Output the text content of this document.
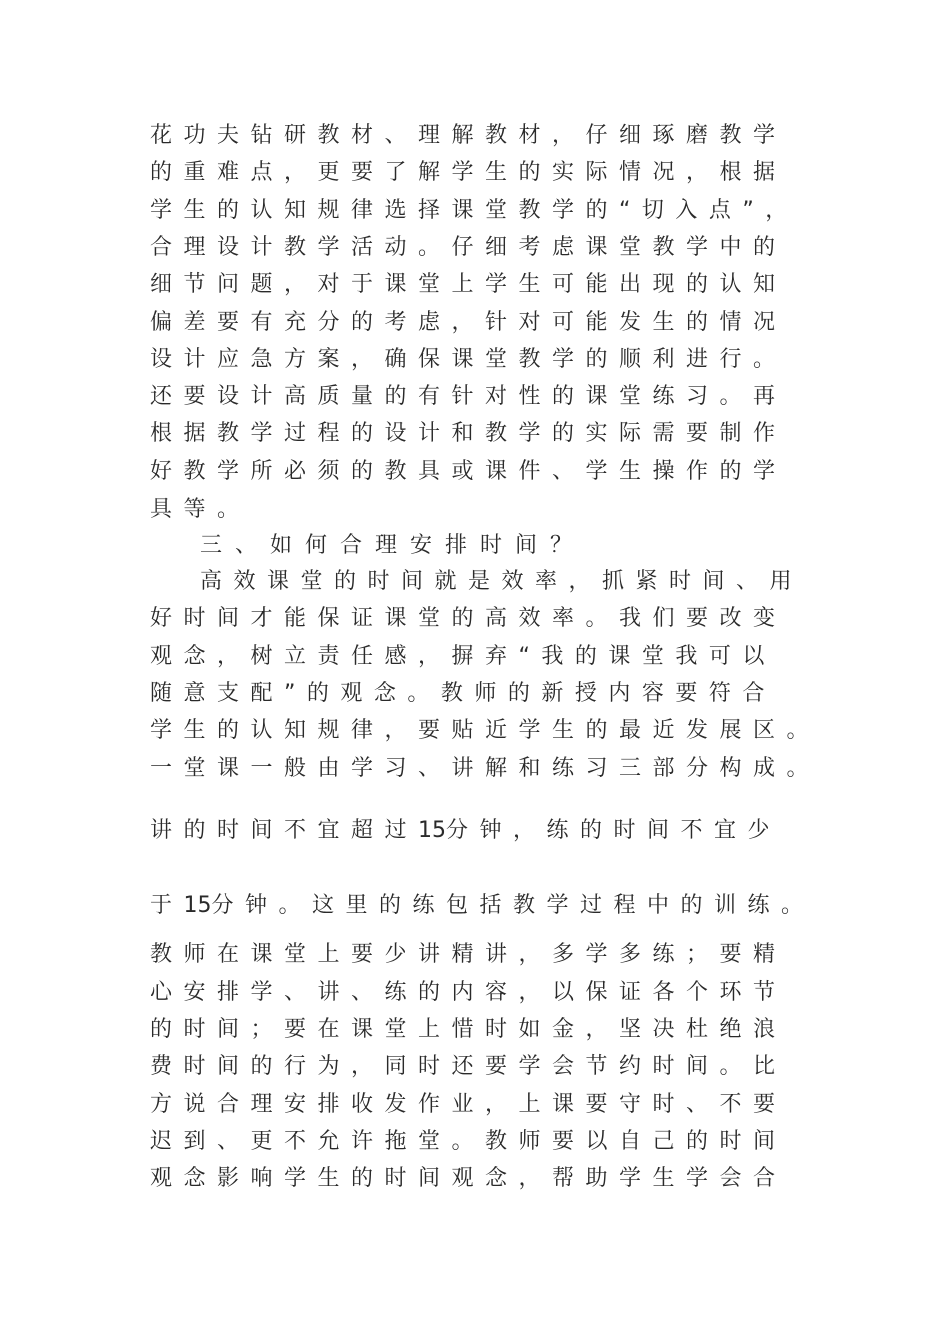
花功夫钻研教材、理解教材，仔细琢磨教学

的重难点，更要了解学生的实际情况，根据

学生的认知规律选择课堂教学的“切入点”，

合理设计教学活动。仔细考虑课堂教学中的

细节问题，对于课堂上学生可能出现的认知

偏差要有充分的考虑，针对可能发生的情况

设计应急方案，确保课堂教学的顺利进行。

还要设计高质量的有针对性的课堂练习。再

根据教学过程的设计和教学的实际需要制作

好教学所必须的教具或课件、学生操作的学

具等。

三、如何合理安排时间？

高效课堂的时间就是效率，抓紧时间、用

好时间才能保证课堂的高效率。我们要改变

观念，树立责任感，摒弃“我的课堂我可以

随意支配”的观念。教师的新授内容要符合

学生的认知规律，要贴近学生的最近发展区。

一堂课一般由学习、讲解和练习三部分构成。

讲的时间不宜超过15分钟，练的时间不宜少

于15分钟。这里的练包括教学过程中的训练。

教师在课堂上要少讲精讲，多学多练；要精

心安排学、讲、练的内容，以保证各个环节

的时间；要在课堂上惜时如金，坚决杜绝浪

费时间的行为，同时还要学会节约时间。比

方说合理安排收发作业，上课要守时、不要

迟到、更不允许拖堂。教师要以自己的时间

观念影响学生的时间观念，帮助学生学会合
